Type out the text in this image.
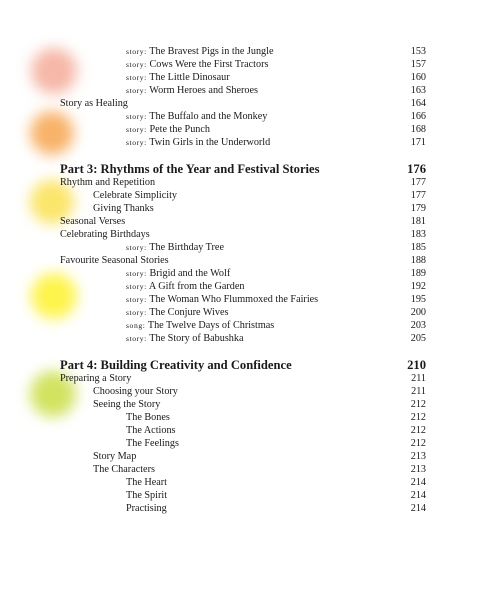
story: The Bravest Pigs in the Jungle	153
story: Cows Were the First Tractors	157
story: The Little Dinosaur	160
story: Worm Heroes and Sheroes	163
Story as Healing	164
story: The Buffalo and the Monkey	166
story: Pete the Punch	168
story: Twin Girls in the Underworld	171
Part 3: Rhythms of the Year and Festival Stories	176
Rhythm and Repetition	177
Celebrate Simplicity	177
Giving Thanks	179
Seasonal Verses	181
Celebrating Birthdays	183
story: The Birthday Tree	185
Favourite Seasonal Stories	188
story: Brigid and the Wolf	189
story: A Gift from the Garden	192
story: The Woman Who Flummoxed the Fairies	195
story: The Conjure Wives	200
song: The Twelve Days of Christmas	203
story: The Story of Babushka	205
Part 4: Building Creativity and Confidence	210
Preparing a Story	211
Choosing your Story	211
Seeing the Story	212
The Bones	212
The Actions	212
The Feelings	212
Story Map	213
The Characters	213
The Heart	214
The Spirit	214
Practising	214
